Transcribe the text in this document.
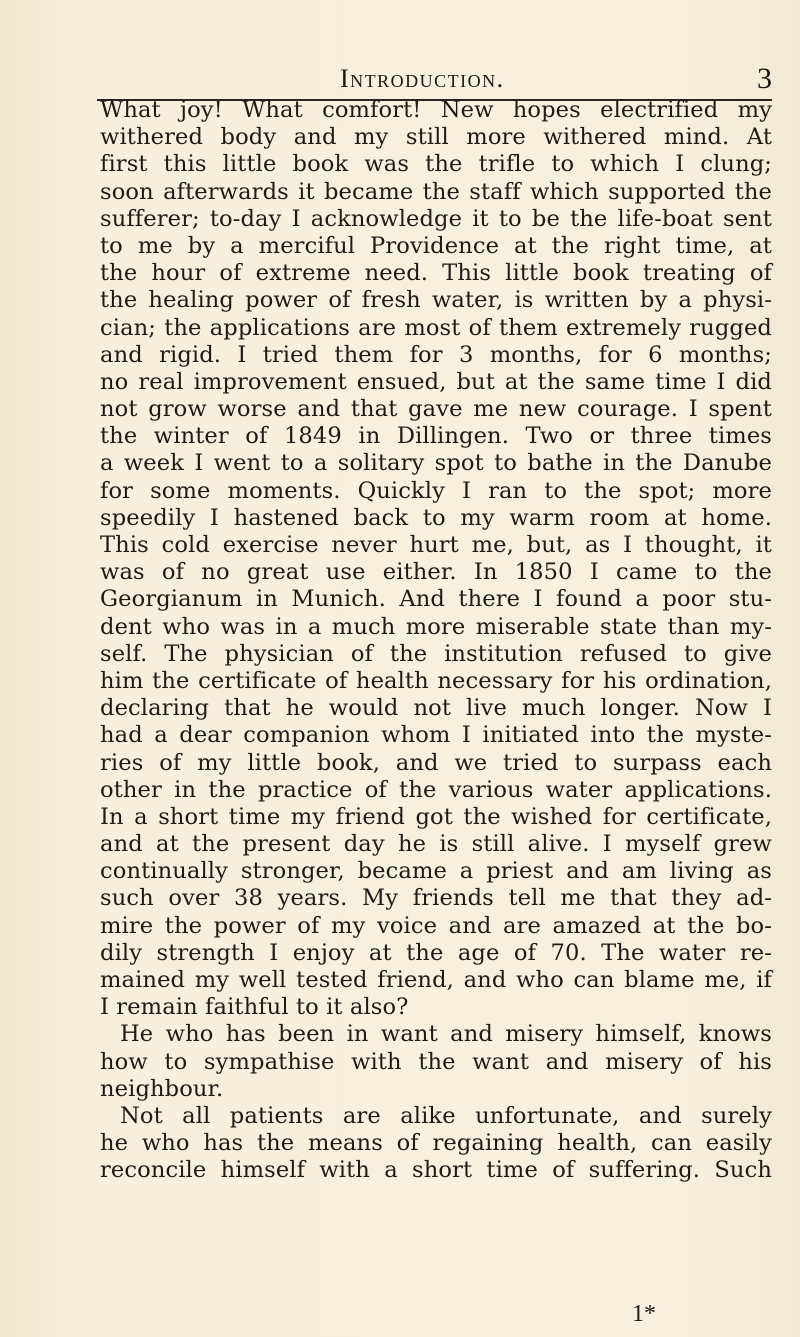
Introduction.	3
What joy! What comfort! New hopes electrified my
withered body and my still more withered mind. At
first this little book was the trifle to which I clung;
soon afterwards it became the staff which supported the
sufferer; to-day I acknowledge it to be the life-boat sent
to me by a merciful Providence at the right time, at
the hour of extreme need. This little book treating of
the healing power of fresh water, is written by a physi-
cian; the applications are most of them extremely rugged
and rigid. I tried them for 3 months, for 6 months;
no real improvement ensued, but at the same time I did
not grow worse and that gave me new courage. I spent
the winter of 1849 in Dillingen. Two or three times
a week I went to a solitary spot to bathe in the Danube
for some moments. Quickly I ran to the spot; more
speedily I hastened back to my warm room at home.
This cold exercise never hurt me, but, as I thought, it
was of no great use either. In 1850 I came to the
Georgianum in Munich. And there I found a poor stu-
dent who was in a much more miserable state than my-
self. The physician of the institution refused to give
him the certificate of health necessary for his ordination,
declaring that he would not live much longer. Now I
had a dear companion whom I initiated into the myste-
ries of my little book, and we tried to surpass each
other in the practice of the various water applications.
In a short time my friend got the wished for certificate,
and at the present day he is still alive. I myself grew
continually stronger, became a priest and am living as
such over 38 years. My friends tell me that they ad-
mire the power of my voice and are amazed at the bo-
dily strength I enjoy at the age of 70. The water re-
mained my well tested friend, and who can blame me, if
I remain faithful to it also?
He who has been in want and misery himself, knows
how to sympathise with the want and misery of his
neighbour.
Not all patients are alike unfortunate, and surely
he who has the means of regaining health, can easily
reconcile himself with a short time of suffering. Such
1*
